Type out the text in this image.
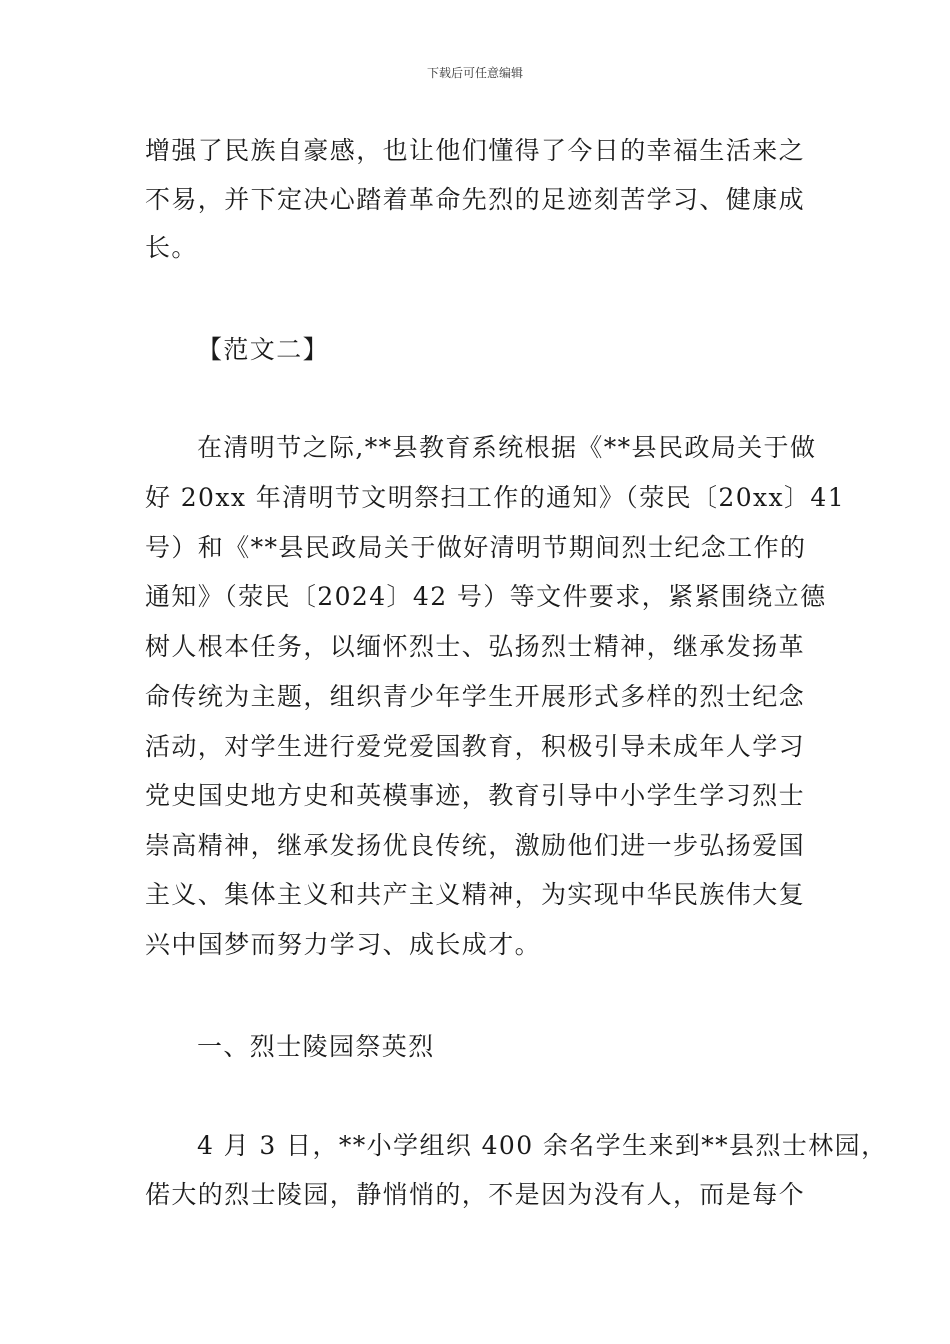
下载后可任意编辑
增强了民族自豪感，也让他们懂得了今日的幸福生活来之
不易，并下定决心踏着革命先烈的足迹刻苦学习、健康成
长。
【范文二】
在清明节之际,**县教育系统根据《**县民政局关于做
好 20xx 年清明节文明祭扫工作的通知》（荥民〔20xx〕41
号）和《**县民政局关于做好清明节期间烈士纪念工作的
通知》（荥民〔2024〕42 号）等文件要求，紧紧围绕立德
树人根本任务，以缅怀烈士、弘扬烈士精神，继承发扬革
命传统为主题，组织青少年学生开展形式多样的烈士纪念
活动，对学生进行爱党爱国教育，积极引导未成年人学习
党史国史地方史和英模事迹，教育引导中小学生学习烈士
崇高精神，继承发扬优良传统，激励他们进一步弘扬爱国
主义、集体主义和共产主义精神，为实现中华民族伟大复
兴中国梦而努力学习、成长成才。
一、烈士陵园祭英烈
4 月 3 日，**小学组织 400 余名学生来到**县烈士林园，
偌大的烈士陵园，静悄悄的，不是因为没有人，而是每个
